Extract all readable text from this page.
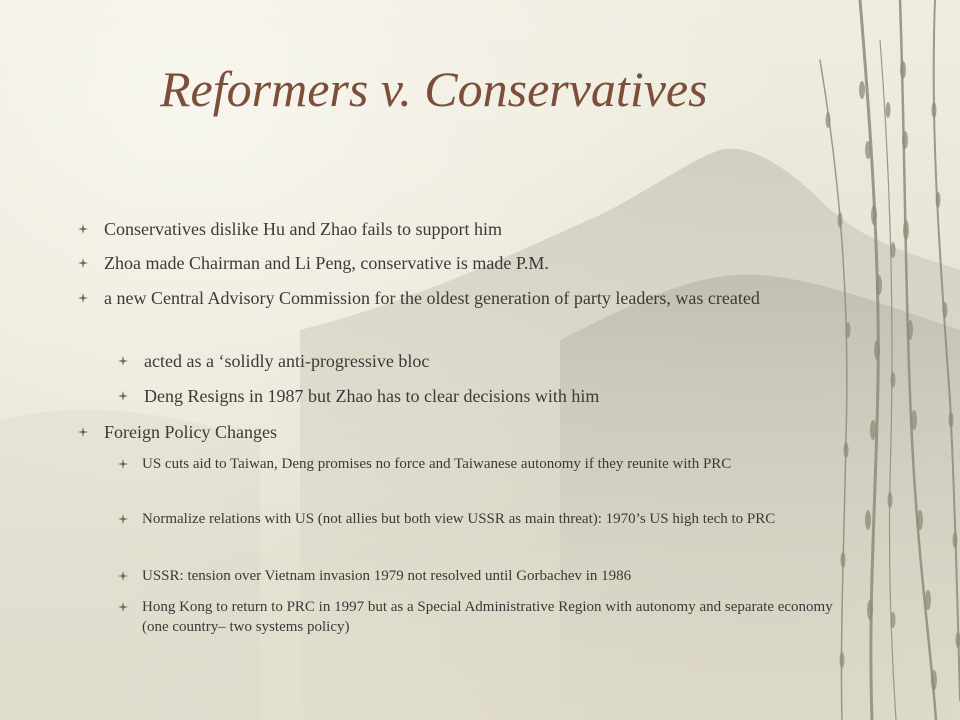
Reformers v. Conservatives
Conservatives dislike Hu and Zhao fails to support him
Zhoa made Chairman and Li Peng, conservative is made P.M.
a new Central Advisory Commission for the oldest generation of party leaders, was created
acted as a ‘solidly anti-progressive bloc
Deng Resigns in 1987 but Zhao has to clear decisions with him
Foreign Policy Changes
US cuts aid to Taiwan, Deng promises no force and Taiwanese autonomy if they reunite with PRC
Normalize relations with US (not allies but both view USSR as main threat): 1970’s US high tech to PRC
USSR: tension over Vietnam invasion 1979 not resolved until Gorbachev in 1986
Hong Kong to return to PRC in 1997 but as a Special Administrative Region with autonomy and separate economy (one country– two systems policy)
